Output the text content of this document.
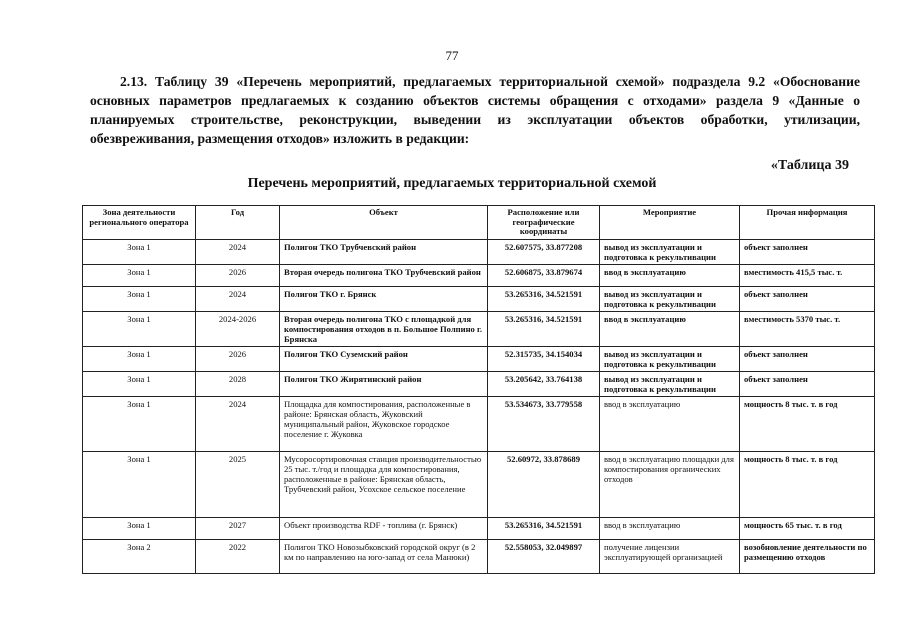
77
2.13. Таблицу 39 «Перечень мероприятий, предлагаемых территориальной схемой» подраздела 9.2 «Обоснование основных параметров предлагаемых к созданию объектов системы обращения с отходами» раздела 9 «Данные о планируемых строительстве, реконструкции, выведении из эксплуатации объектов обработки, утилизации, обезвреживания, размещения отходов» изложить в редакции:
«Таблица 39
Перечень мероприятий, предлагаемых территориальной схемой
Зона деятельности регионального оператора	Год	Объект	Расположение или географические координаты	Мероприятие	Прочая информация
Зона 1	2024	Полигон ТКО Трубчевский район	52.607575, 33.877208	вывод из эксплуатации и подготовка к рекультивации	объект заполнен
Зона 1	2026	Вторая очередь полигона ТКО Трубчевский район	52.606875, 33.879674	ввод в эксплуатацию	вместимость 415,5 тыс. т.
Зона 1	2024	Полигон ТКО г. Брянск	53.265316, 34.521591	вывод из эксплуатации и подготовка к рекультивации	объект заполнен
Зона 1	2024-2026	Вторая очередь полигона ТКО с площадкой для компостирования отходов в п. Большое Полпино г. Брянска	53.265316, 34.521591	ввод в эксплуатацию	вместимость 5370 тыс. т.
Зона 1	2026	Полигон ТКО Суземский район	52.315735, 34.154034	вывод из эксплуатации и подготовка к рекультивации	объект заполнен
Зона 1	2028	Полигон ТКО Жирятинский район	53.205642, 33.764138	вывод из эксплуатации и подготовка к рекультивации	объект заполнен
Зона 1	2024	Площадка для компостирования, расположенные в районе: Брянская область, Жуковский муниципальный район, Жуковское городское поселение г. Жуковка	53.534673, 33.779558	ввод в эксплуатацию	мощность 8 тыс. т. в год
Зона 1	2025	Мусоросортировочная станция производительностью 25 тыс. т./год и площадка для компостирования, расположенные в районе: Брянская область, Трубчевский район, Усохское сельское поселение	52.60972, 33.878689	ввод в эксплуатацию площадки для компостирования органических отходов	мощность 8 тыс. т. в год
Зона 1	2027	Объект производства RDF - топлива (г. Брянск)	53.265316, 34.521591	ввод в эксплуатацию	мощность 65 тыс. т. в год
Зона 2	2022	Полигон ТКО Новозыбковский городской округ (в 2 км по направлению на юго-запад от села Манюки)	52.558053, 32.049897	получение лицензии эксплуатирующей организацией	возобновление деятельности по размещению отходов
